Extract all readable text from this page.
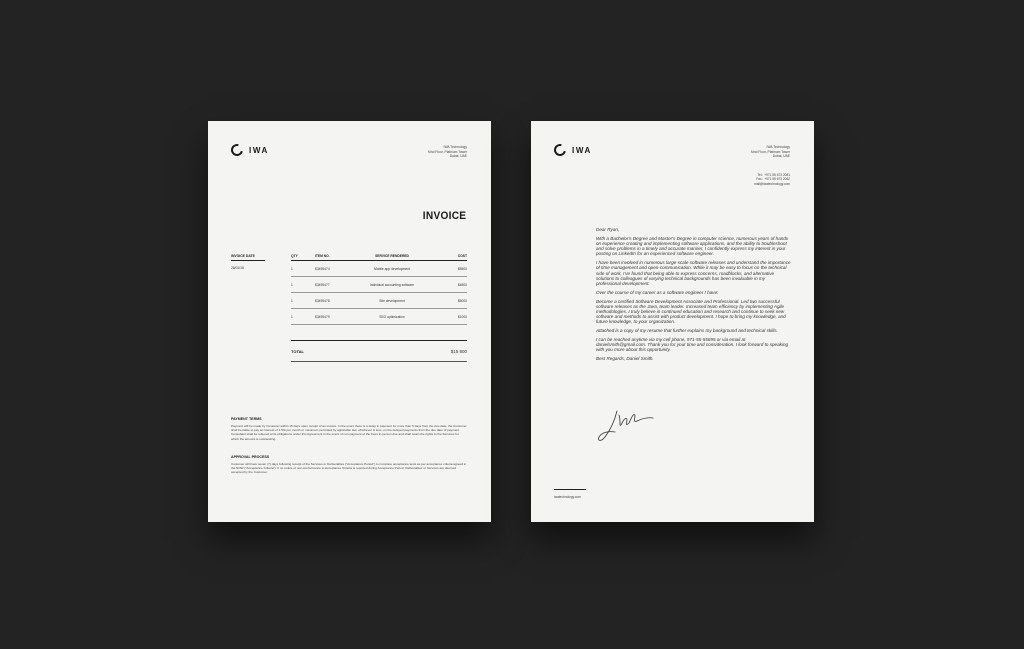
IWA	IWA Technology
Mnd Floor, Platinum Tower
Dubai, UAE
INVOICE
INVOICE DATE
28/01/18
QTY	ITEM NO.	SERVICE RENDERED	COST
1	$3495474	Mobile app development	$5500
1	$3495477	Individual accounting software	$4800
1	$3495478	Site development	$5000
1	$3495479	SEO optimization	$1000
TOTAL	$15 800
PAYMENT TERMS
Payment will be made by Customer within 15 days upon receipt of an invoice. In the event there is a delay in payment for more than 5 days from the due date, the Customer shall be liable to pay an interest of 1.5% per month or maximum permitted by applicable law, whichever is less, on the delayed payments from the due date of payment. Consultant shall be relieved of its obligations under this Agreement in the event of non-payment of the Fees in-person due and shall retain the rights to the Services for which the amount is outstanding.
APPROVAL PROCESS
Customer will have seven (7) days following receipt of the Services or Deliverables ("Acceptance Period") to complete acceptance tests as per acceptance criteria agreed in the SOW ("Acceptance Criteria"). If no notice of non-conformance to Acceptance Criteria is reported during Acceptance Period, Deliverables or Services are deemed accepted by the Customer.
IWA	IWA Technology
Mnd Floor, Platinum Tower
Dubai, UAE
Tel.: +971 55 673 2081
Fax.: +971 55 673 2062
mail@iwatechnology.com

Dear Ryan,

With a Bachelor's Degree and Master's Degree in computer science, numerous years of hands on experience creating and implementing software applications, and the ability to troubleshoot and solve problems in a timely and accurate manner, I confidently express my interest in your posting on LinkedIn for an experienced software engineer.

I have been involved in numerous large-scale software releases and understand the importance of time management and open-communication. While it may be easy to focus on the technical side of work, I've found that being able to express concerns, roadblocks, and alternative solutions to colleagues of varying technical backgrounds has been invaluable in my professional development.

Over the course of my career as a software engineer I have:

Become a certified Software Development Associate and Professional. Led two successful software releases as the Java, team leader. Increased team efficiency by implementing Agile methodologies. I truly believe in continued education and research and continue to seek new software and methods to assist with product development. I hope to bring my knowledge, and future knowledge, to your organization.

Attached is a copy of my resume that further explains my background and technical skills.

I can be reached anytime via my cell phone, 971-55-55695 or via email at danielsmith@gmail.com. Thank you for your time and consideration. I look forward to speaking with you more about this opportunity.

Best Regards, Daniel Smith.

iwatechnology.com
